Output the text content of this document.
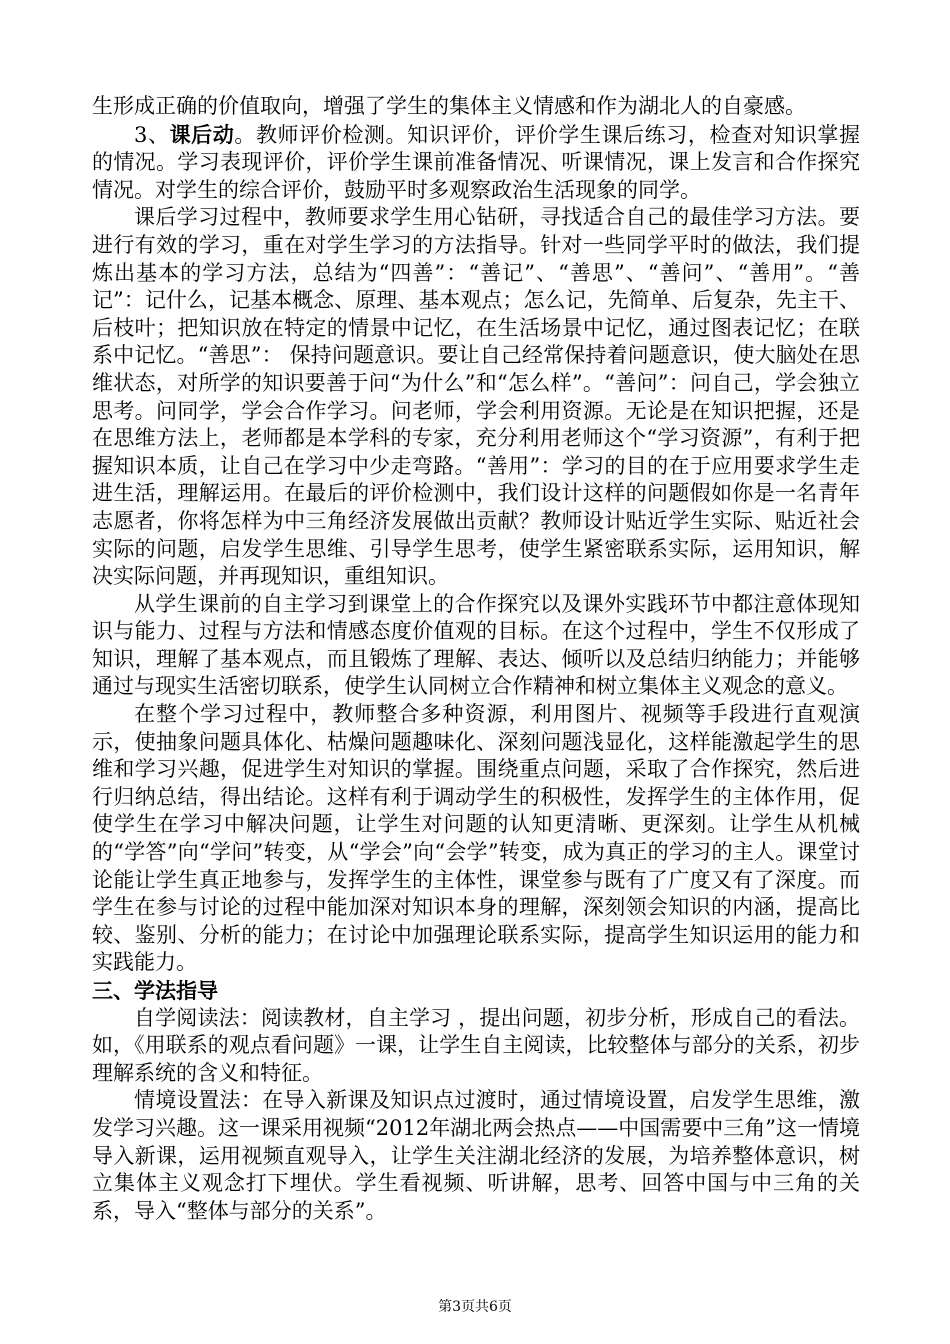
生形成正确的价值取向，增强了学生的集体主义情感和作为湖北人的自豪感。

3、课后动。教师评价检测。知识评价，评价学生课后练习，检查对知识掌握的情况。学习表现评价，评价学生课前准备情况、听课情况，课上发言和合作探究情况。对学生的综合评价，鼓励平时多观察政治生活现象的同学。

课后学习过程中，教师要求学生用心钻研，寻找适合自己的最佳学习方法。要进行有效的学习，重在对学生学习的方法指导。针对一些同学平时的做法，我们提炼出基本的学习方法，总结为“四善”：“善记”、“善思”、“善问”、“善用”。“善记”：记什么，记基本概念、原理、基本观点；怎么记，先简单、后复杂，先主干、后枝叶；把知识放在特定的情景中记忆，在生活场景中记忆，通过图表记忆；在联系中记忆。“善思”： 保持问题意识。要让自己经常保持着问题意识，使大脑处在思维状态，对所学的知识要善于问“为什么”和“怎么样”。“善问”：问自己，学会独立思考。问同学，学会合作学习。问老师，学会利用资源。无论是在知识把握，还是在思维方法上，老师都是本学科的专家，充分利用老师这个“学习资源”，有利于把握知识本质，让自己在学习中少走弯路。“善用”：学习的目的在于应用要求学生走进生活，理解运用。在最后的评价检测中，我们设计这样的问题假如你是一名青年志愿者，你将怎样为中三角经济发展做出贡献？教师设计贴近学生实际、贴近社会实际的问题，启发学生思维、引导学生思考，使学生紧密联系实际，运用知识，解决实际问题，并再现知识，重组知识。

从学生课前的自主学习到课堂上的合作探究以及课外实践环节中都注意体现知识与能力、过程与方法和情感态度价值观的目标。在这个过程中，学生不仅形成了知识，理解了基本观点，而且锻炼了理解、表达、倾听以及总结归纳能力；并能够通过与现实生活密切联系，使学生认同树立合作精神和树立集体主义观念的意义。

在整个学习过程中，教师整合多种资源，利用图片、视频等手段进行直观演示，使抽象问题具体化、枯燥问题趣味化、深刻问题浅显化，这样能激起学生的思维和学习兴趣，促进学生对知识的掌握。围绕重点问题，采取了合作探究，然后进行归纳总结，得出结论。这样有利于调动学生的积极性，发挥学生的主体作用，促使学生在学习中解决问题，让学生对问题的认知更清晰、更深刻。让学生从机械的“学答”向“学问”转变，从“学会”向“会学”转变，成为真正的学习的主人。课堂讨论能让学生真正地参与，发挥学生的主体性，课堂参与既有了广度又有了深度。而学生在参与讨论的过程中能加深对知识本身的理解，深刻领会知识的内涵，提高比较、鉴别、分析的能力；在讨论中加强理论联系实际，提高学生知识运用的能力和实践能力。

三、学法指导

自学阅读法：阅读教材，自主学习 ，提出问题，初步分析，形成自己的看法。如，《用联系的观点看问题》一课，让学生自主阅读，比较整体与部分的关系，初步理解系统的含义和特征。

情境设置法：在导入新课及知识点过渡时，通过情境设置，启发学生思维，激发学习兴趣。这一课采用视频“2012年湖北两会热点——中国需要中三角”这一情境导入新课，运用视频直观导入，让学生关注湖北经济的发展，为培养整体意识，树立集体主义观念打下埋伏。学生看视频、听讲解，思考、回答中国与中三角的关系，导入“整体与部分的关系”。

第3页共6页
